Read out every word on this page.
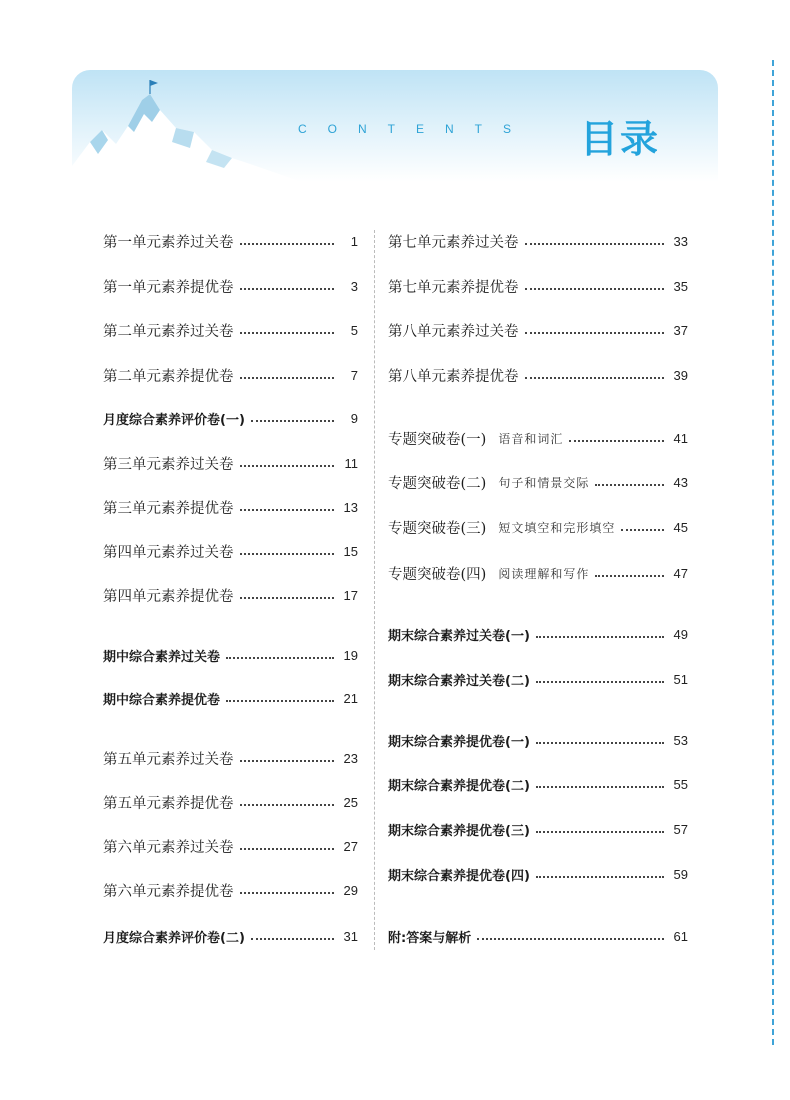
CONTENTS 目录
第一单元素养过关卷	1
第一单元素养提优卷	3
第二单元素养过关卷	5
第二单元素养提优卷	7
月度综合素养评价卷(一)	9
第三单元素养过关卷	11
第三单元素养提优卷	13
第四单元素养过关卷	15
第四单元素养提优卷	17
期中综合素养过关卷	19
期中综合素养提优卷	21
第五单元素养过关卷	23
第五单元素养提优卷	25
第六单元素养过关卷	27
第六单元素养提优卷	29
月度综合素养评价卷(二)	31
第七单元素养过关卷	33
第七单元素养提优卷	35
第八单元素养过关卷	37
第八单元素养提优卷	39
专题突破卷(一) 语音和词汇	41
专题突破卷(二) 句子和情景交际	43
专题突破卷(三) 短文填空和完形填空	45
专题突破卷(四) 阅读理解和写作	47
期末综合素养过关卷(一)	49
期末综合素养过关卷(二)	51
期末综合素养提优卷(一)	53
期末综合素养提优卷(二)	55
期末综合素养提优卷(三)	57
期末综合素养提优卷(四)	59
附:答案与解析	61
